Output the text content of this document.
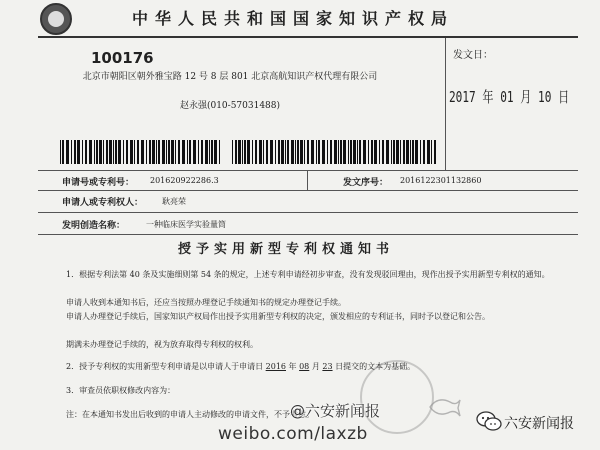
中华人民共和国国家知识产权局
100176
北京市朝阳区朝外雅宝路 12 号 8 层 801 北京高航知识产权代理有限公司
赵永强(010-57031488)
发文日：
2017 年 01 月 10 日
申请号或专利号： 201620922286.3	发文序号： 2016122301132860
申请人或专利权人： 耿亮荣
发明创造名称：	一种临床医学实验量筒
授予实用新型专利权通知书
1．根据专利法第 40 条及实施细则第 54 条的规定，上述专利申请经初步审查，没有发现驳回理由，现作出授予实用新型专利权的通知。
申请人收到本通知书后，还应当按照办理登记手续通知书的规定办理登记手续。
申请人办理登记手续后，国家知识产权局作出授予实用新型专利权的决定，颁发相应的专利证书，同时予以登记和公告。
期满未办理登记手续的，视为放弃取得专利权的权利。
2．授予专利权的实用新型专利申请是以申请人于申请日 2016 年 08 月 23 日提交的文本为基础。
3．审查员依职权修改内容为：
注：在本通知书发出后收到的申请人主动修改的申请文件，不予考虑。
@六安新闻报
weibo.com/laxzb	六安新闻报
